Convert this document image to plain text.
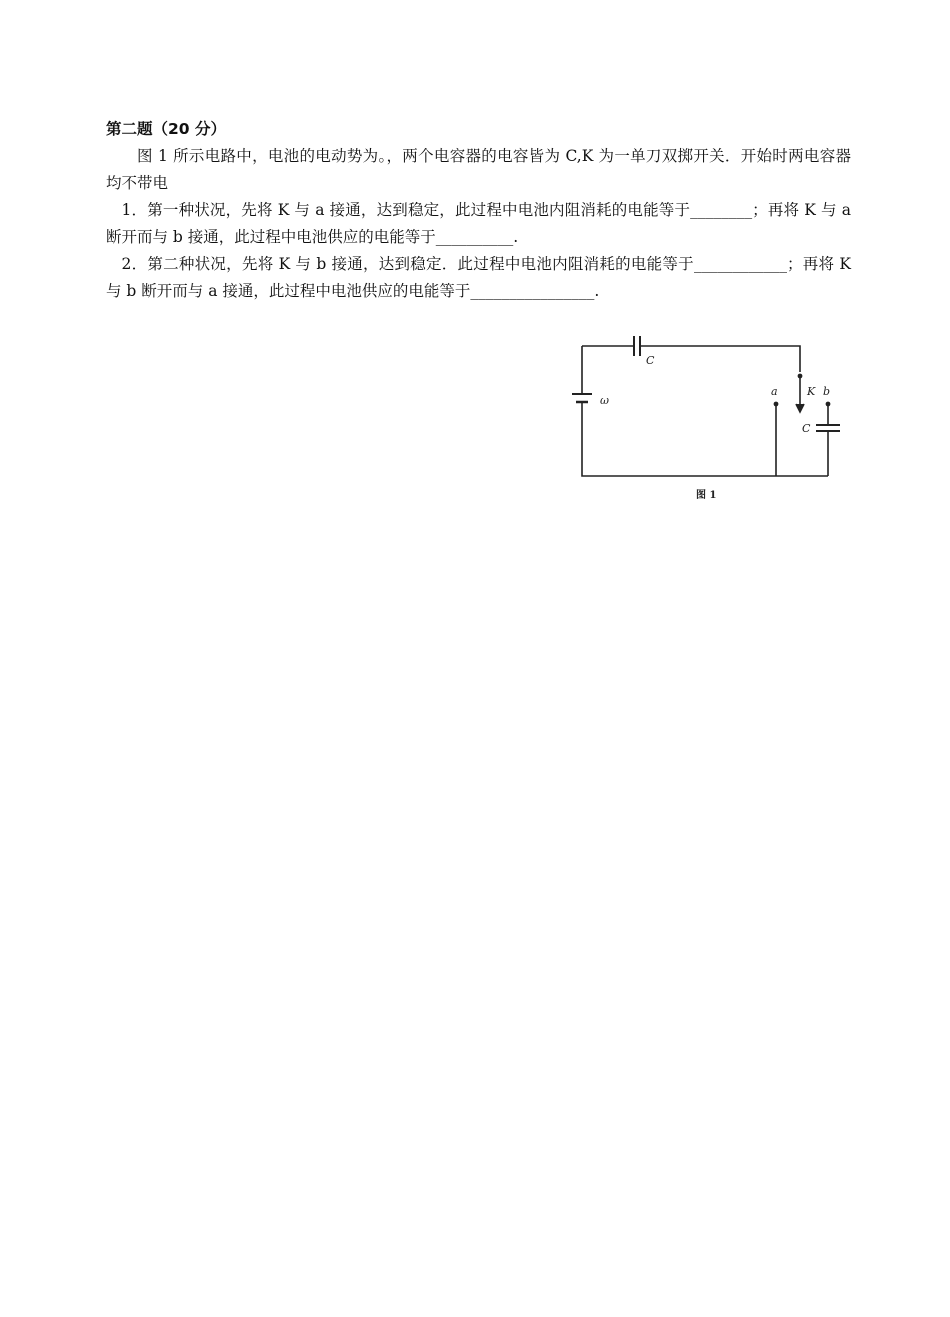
第二题（20 分）

图 1 所示电路中，电池的电动势为。，两个电容器的电容皆为 C,K 为一单刀双掷开关．开始时两电容器均不带电

1．第一种状况，先将 K 与 a 接通，达到稳定，此过程中电池内阻消耗的电能等于________；再将 K 与 a 断开而与 b 接通，此过程中电池供应的电能等于__________.

2．第二种状况，先将 K 与 b 接通，达到稳定．此过程中电池内阻消耗的电能等于____________；再将 K 与 b 断开而与 a 接通，此过程中电池供应的电能等于________________.

C
ω
a	K b
C
图 1
